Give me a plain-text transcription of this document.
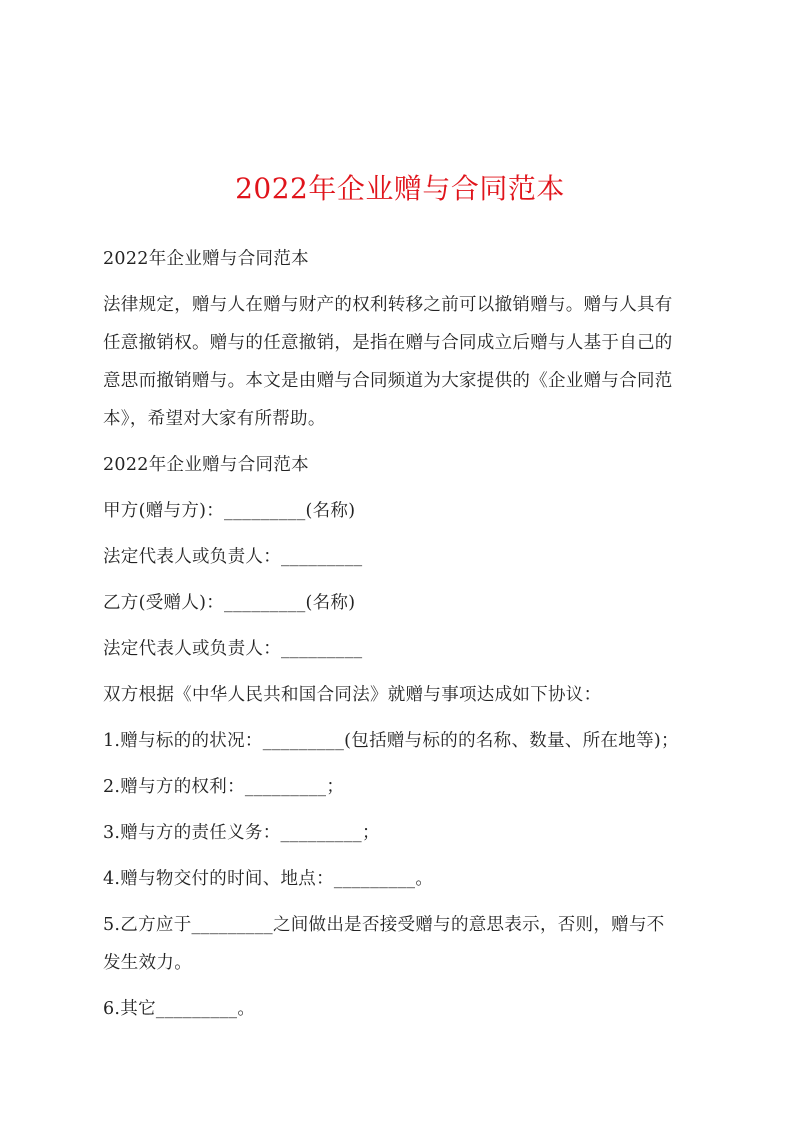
2022年企业赠与合同范本

2022年企业赠与合同范本

法律规定，赠与人在赠与财产的权利转移之前可以撤销赠与。赠与人具有

任意撤销权。赠与的任意撤销，是指在赠与合同成立后赠与人基于自己的

意思而撤销赠与。本文是由赠与合同频道为大家提供的《企业赠与合同范

本》，希望对大家有所帮助。

2022年企业赠与合同范本

甲方(赠与方)：_________(名称)

法定代表人或负责人：_________

乙方(受赠人)：_________(名称)

法定代表人或负责人：_________

双方根据《中华人民共和国合同法》就赠与事项达成如下协议：

1.赠与标的的状况：_________(包括赠与标的的名称、数量、所在地等)；

2.赠与方的权利：_________；

3.赠与方的责任义务：_________；

4.赠与物交付的时间、地点：_________。

5.乙方应于_________之间做出是否接受赠与的意思表示，否则，赠与不

发生效力。

6.其它_________。
